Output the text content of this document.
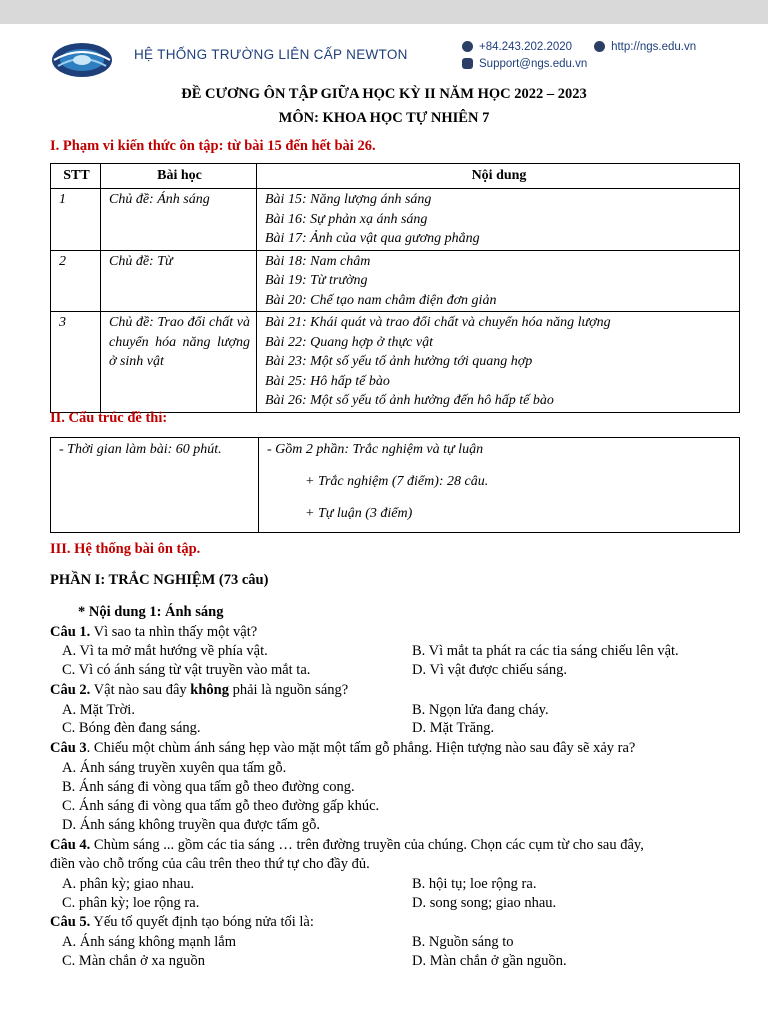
HỆ THỐNG TRƯỜNG LIÊN CẤP NEWTON
+84.243.202.2020	http://ngs.edu.vn
Support@ngs.edu.vn
ĐỀ CƯƠNG ÔN TẬP GIỮA HỌC KỲ II NĂM HỌC 2022 – 2023
MÔN: KHOA HỌC TỰ NHIÊN 7
I. Phạm vi kiến thức ôn tập: từ bài 15 đến hết bài 26.
STT	Bài học	Nội dung
1	Chủ đề: Ánh sáng	Bài 15: Năng lượng ánh sáng
Bài 16: Sự phản xạ ánh sáng
Bài 17: Ảnh của vật qua gương phẳng

2	Chủ đề: Từ	Bài 18: Nam châm
Bài 19: Từ trường
Bài 20: Chế tạo nam châm điện đơn giản

3	Chủ đề: Trao đổi chất và chuyển hóa năng lượng ở sinh vật	Bài 21: Khái quát và trao đổi chất và chuyển hóa năng lượng
Bài 22: Quang hợp ở thực vật
Bài 23: Một số yếu tố ảnh hưởng tới quang hợp
Bài 25: Hô hấp tế bào
Bài 26: Một số yếu tố ảnh hưởng đến hô hấp tế bào
II. Cấu trúc đề thi:
- Thời gian làm bài: 60 phút.	- Gồm 2 phần: Trắc nghiệm và tự luận
+ Trắc nghiệm (7 điểm): 28 câu.
+ Tự luận (3 điểm)
III. Hệ thống bài ôn tập.
PHẦN I: TRẮC NGHIỆM (73 câu)
* Nội dung 1: Ánh sáng
Câu 1. Vì sao ta nhìn thấy một vật?
A. Vì ta mở mắt hướng về phía vật.	B. Vì mắt ta phát ra các tia sáng chiếu lên vật.
C. Vì có ánh sáng từ vật truyền vào mắt ta.	D. Vì vật được chiếu sáng.
Câu 2. Vật nào sau đây không phải là nguồn sáng?
A. Mặt Trời.	B. Ngọn lửa đang cháy.
C. Bóng đèn đang sáng.	D. Mặt Trăng.
Câu 3. Chiếu một chùm ánh sáng hẹp vào mặt một tấm gỗ phẳng. Hiện tượng nào sau đây sẽ xảy ra?
A. Ánh sáng truyền xuyên qua tấm gỗ.
B. Ánh sáng đi vòng qua tấm gỗ theo đường cong.
C. Ánh sáng đi vòng qua tấm gỗ theo đường gấp khúc.
D. Ánh sáng không truyền qua được tấm gỗ.
Câu 4. Chùm sáng ... gồm các tia sáng … trên đường truyền của chúng. Chọn các cụm từ cho sau đây,
điền vào chỗ trống của câu trên theo thứ tự cho đầy đủ.
A. phân kỳ; giao nhau.	B. hội tụ; loe rộng ra.
C. phân kỳ; loe rộng ra.	D. song song; giao nhau.
Câu 5. Yếu tố quyết định tạo bóng nửa tối là:
A. Ánh sáng không mạnh lắm	B. Nguồn sáng to
C. Màn chắn ở xa nguồn	D. Màn chắn ở gần nguồn.
